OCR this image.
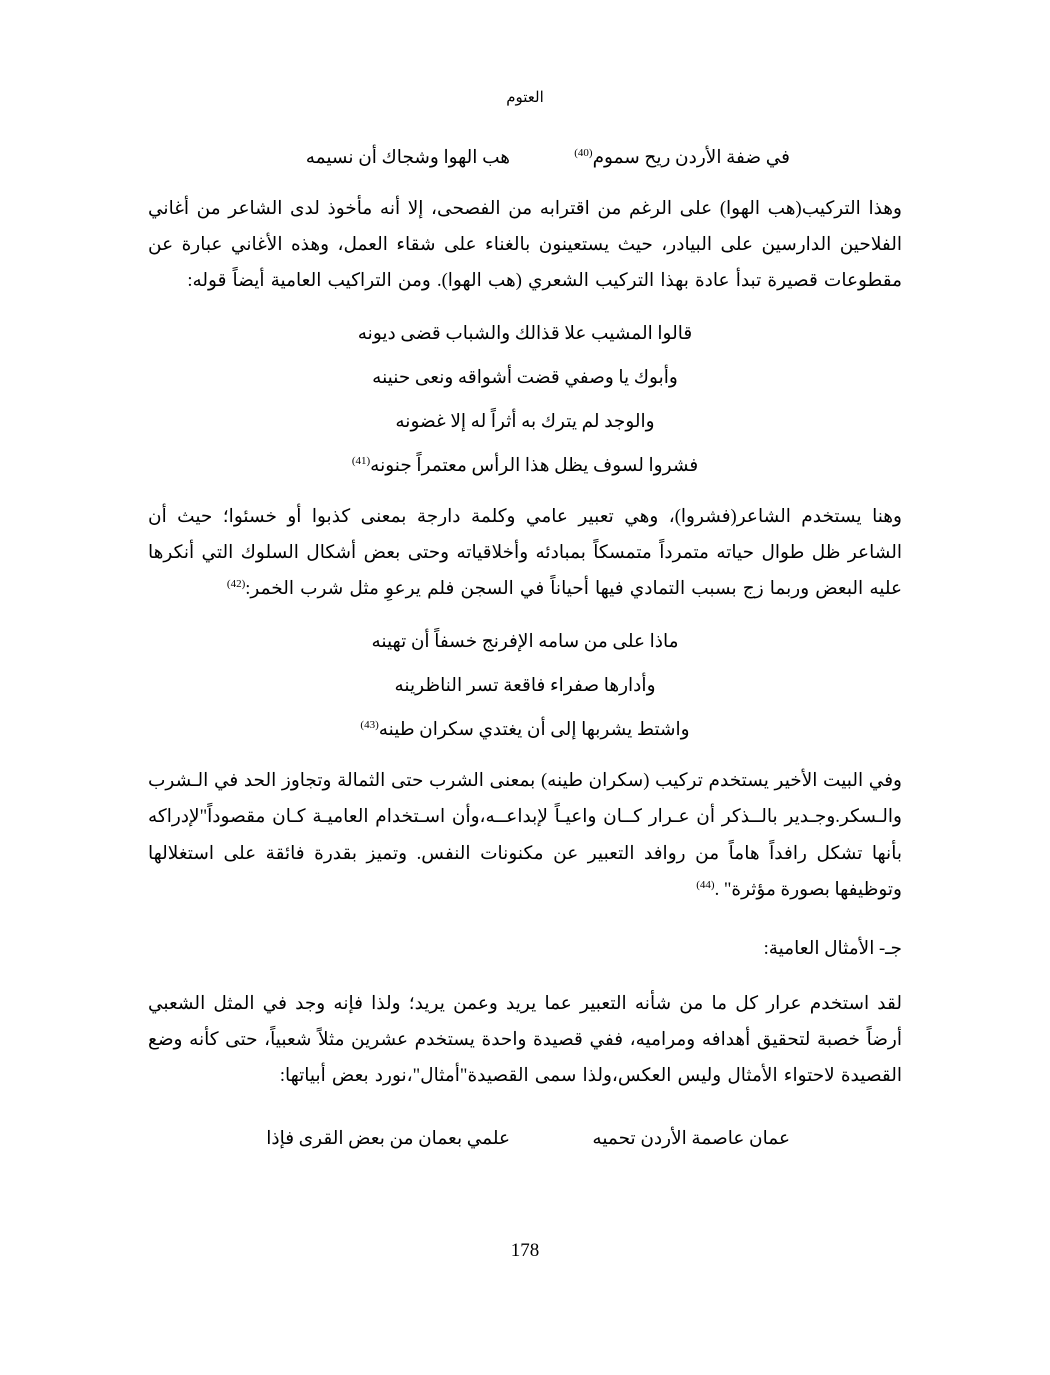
العتوم
في ضفة الأردن ريح سموم$^{(40)}$
هب الهوا وشجاك أن نسيمه
وهذا التركيب(هب الهوا) على الرغم من اقترابه من الفصحى، إلا أنه مأخوذ لدى الشاعر من أغاني الفلاحين الدارسين على البيادر، حيث يستعينون بالغناء على شقاء العمل، وهذه الأغاني عبارة عن مقطوعات قصيرة تبدأ عادة بهذا التركيب الشعري (هب الهوا). ومن التراكيب العامية أيضاً قوله:
قالوا المشيب علا قذالك والشباب قضى ديونه
وأبوك يا وصفي قضت أشواقه ونعى حنينه
والوجد لم يترك به أثراً له إلا غضونه
فشروا لسوف يظل هذا الرأس معتمراً جنونه$^{(41)}$
وهنا يستخدم الشاعر(فشروا)، وهي تعبير عامي وكلمة دارجة بمعنى كذبوا أو خسئوا؛ حيث أن الشاعر ظل طوال حياته متمرداً متمسكاً بمبادئه وأخلاقياته وحتى بعض أشكال السلوك التي أنكرها عليه البعض وربما زج بسبب التمادي فيها أحياناً في السجن فلم يرعوِ مثل شرب الخمر:$^{(42)}$
ماذا على من سامه الإفرنج خسفاً أن تهينه
وأدارها صفراء فاقعة تسر الناظرينه
واشتط يشربها إلى أن يغتدي سكران طينه$^{(43)}$
وفي البيت الأخير يستخدم تركيب (سكران طينه) بمعنى الشرب حتى الثمالة وتجاوز الحد في الـشرب والـسكر.وجـدير بالــذكر أن عـرار كــان واعيـاً لإبداعــه،وأن اسـتخدام العاميـة كـان مقصوداً"لإدراكه بأنها تشكل رافداً هاماً من روافد التعبير عن مكنونات النفس. وتميز بقدرة فائقة على استغلالها وتوظيفها بصورة مؤثرة" .$^{(44)}$
جـ- الأمثال العامية:
لقد استخدم عرار كل ما من شأنه التعبير عما يريد وعمن يريد؛ ولذا فإنه وجد في المثل الشعبي أرضاً خصبة لتحقيق أهدافه ومراميه، ففي قصيدة واحدة يستخدم عشرين مثلاً شعبياً، حتى كأنه وضع القصيدة لاحتواء الأمثال وليس العكس،ولذا سمى القصيدة"أمثال"،نورد بعض أبياتها:
عمان عاصمة الأردن تحميه
علمي بعمان من بعض القرى فإذا
178
